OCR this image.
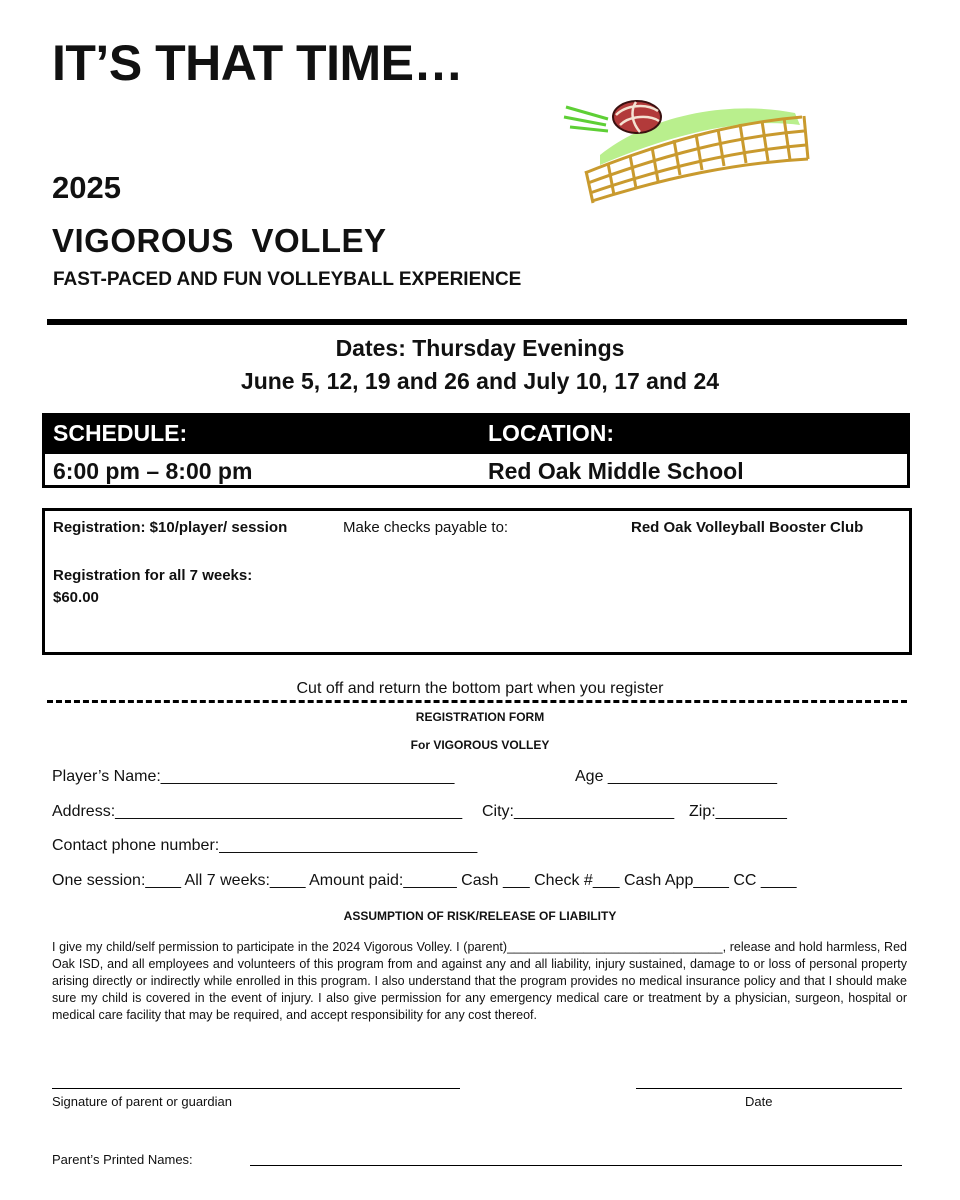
IT’S THAT TIME…
2025
VIGOROUS VOLLEY
FAST-PACED AND FUN VOLLEYBALL EXPERIENCE
Dates: Thursday Evenings
June 5, 12, 19 and 26 and July 10, 17 and 24
SCHEDULE:	LOCATION:
6:00 pm – 8:00 pm	Red Oak Middle School
Registration: $10/player/ session	Make checks payable to:	Red Oak Volleyball Booster Club
Registration for all 7 weeks:
$60.00
Cut off and return the bottom part when you register
REGISTRATION FORM
For VIGOROUS VOLLEY
Player’s Name:_________________________________	Age ___________________
Address:_______________________________________ City:__________________ Zip:________
Contact phone number:_____________________________
One session:____ All 7 weeks:____ Amount paid:______ Cash ___ Check #___ Cash App____ CC ____
ASSUMPTION OF RISK/RELEASE OF LIABILITY
I give my child/self permission to participate in the 2024 Vigorous Volley. I (parent)_______________________________, release and hold harmless, Red Oak ISD, and all employees and volunteers of this program from and against any and all liability, injury sustained, damage to or loss of personal property arising directly or indirectly while enrolled in this program. I also understand that the program provides no medical insurance policy and that I should make sure my child is covered in the event of injury. I also give permission for any emergency medical care or treatment by a physician, surgeon, hospital or medical care facility that may be required, and accept responsibility for any cost thereof.
Signature of parent or guardian	Date
Parent’s Printed Names:
